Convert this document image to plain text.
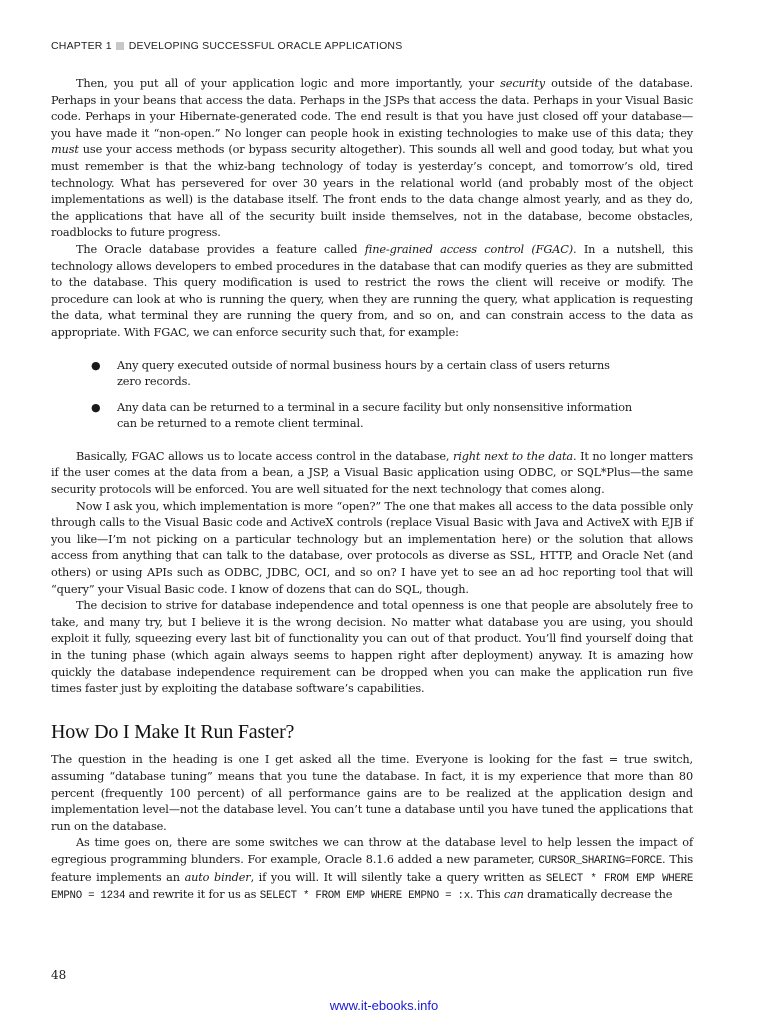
CHAPTER 1 DEVELOPING SUCCESSFUL ORACLE APPLICATIONS

Then, you put all of your application logic and more importantly, your security outside of the database. Perhaps in your beans that access the data. Perhaps in the JSPs that access the data. Perhaps in your Visual Basic code. Perhaps in your Hibernate-generated code. The end result is that you have just closed off your database—you have made it “non-open.” No longer can people hook in existing technologies to make use of this data; they must use your access methods (or bypass security altogether). This sounds all well and good today, but what you must remember is that the whiz-bang technology of today is yesterday’s concept, and tomorrow’s old, tired technology. What has persevered for over 30 years in the relational world (and probably most of the object implementations as well) is the database itself. The front ends to the data change almost yearly, and as they do, the applications that have all of the security built inside themselves, not in the database, become obstacles, roadblocks to future progress.

The Oracle database provides a feature called fine-grained access control (FGAC). In a nutshell, this technology allows developers to embed procedures in the database that can modify queries as they are submitted to the database. This query modification is used to restrict the rows the client will receive or modify. The procedure can look at who is running the query, when they are running the query, what application is requesting the data, what terminal they are running the query from, and so on, and can constrain access to the data as appropriate. With FGAC, we can enforce security such that, for example:

● Any query executed outside of normal business hours by a certain class of users returns zero records.
● Any data can be returned to a terminal in a secure facility but only nonsensitive information can be returned to a remote client terminal.

Basically, FGAC allows us to locate access control in the database, right next to the data. It no longer matters if the user comes at the data from a bean, a JSP, a Visual Basic application using ODBC, or SQL*Plus—the same security protocols will be enforced. You are well situated for the next technology that comes along.

Now I ask you, which implementation is more “open?” The one that makes all access to the data possible only through calls to the Visual Basic code and ActiveX controls (replace Visual Basic with Java and ActiveX with EJB if you like—I’m not picking on a particular technology but an implementation here) or the solution that allows access from anything that can talk to the database, over protocols as diverse as SSL, HTTP, and Oracle Net (and others) or using APIs such as ODBC, JDBC, OCI, and so on? I have yet to see an ad hoc reporting tool that will “query” your Visual Basic code. I know of dozens that can do SQL, though.

The decision to strive for database independence and total openness is one that people are absolutely free to take, and many try, but I believe it is the wrong decision. No matter what database you are using, you should exploit it fully, squeezing every last bit of functionality you can out of that product. You’ll find yourself doing that in the tuning phase (which again always seems to happen right after deployment) anyway. It is amazing how quickly the database independence requirement can be dropped when you can make the application run five times faster just by exploiting the database software’s capabilities.

How Do I Make It Run Faster?

The question in the heading is one I get asked all the time. Everyone is looking for the fast = true switch, assuming “database tuning” means that you tune the database. In fact, it is my experience that more than 80 percent (frequently 100 percent) of all performance gains are to be realized at the application design and implementation level—not the database level. You can’t tune a database until you have tuned the applications that run on the database.

As time goes on, there are some switches we can throw at the database level to help lessen the impact of egregious programming blunders. For example, Oracle 8.1.6 added a new parameter, CURSOR_SHARING=FORCE. This feature implements an auto binder, if you will. It will silently take a query written as SELECT * FROM EMP WHERE EMPNO = 1234 and rewrite it for us as SELECT * FROM EMP WHERE EMPNO = :x. This can dramatically decrease the

48
www.it-ebooks.info
